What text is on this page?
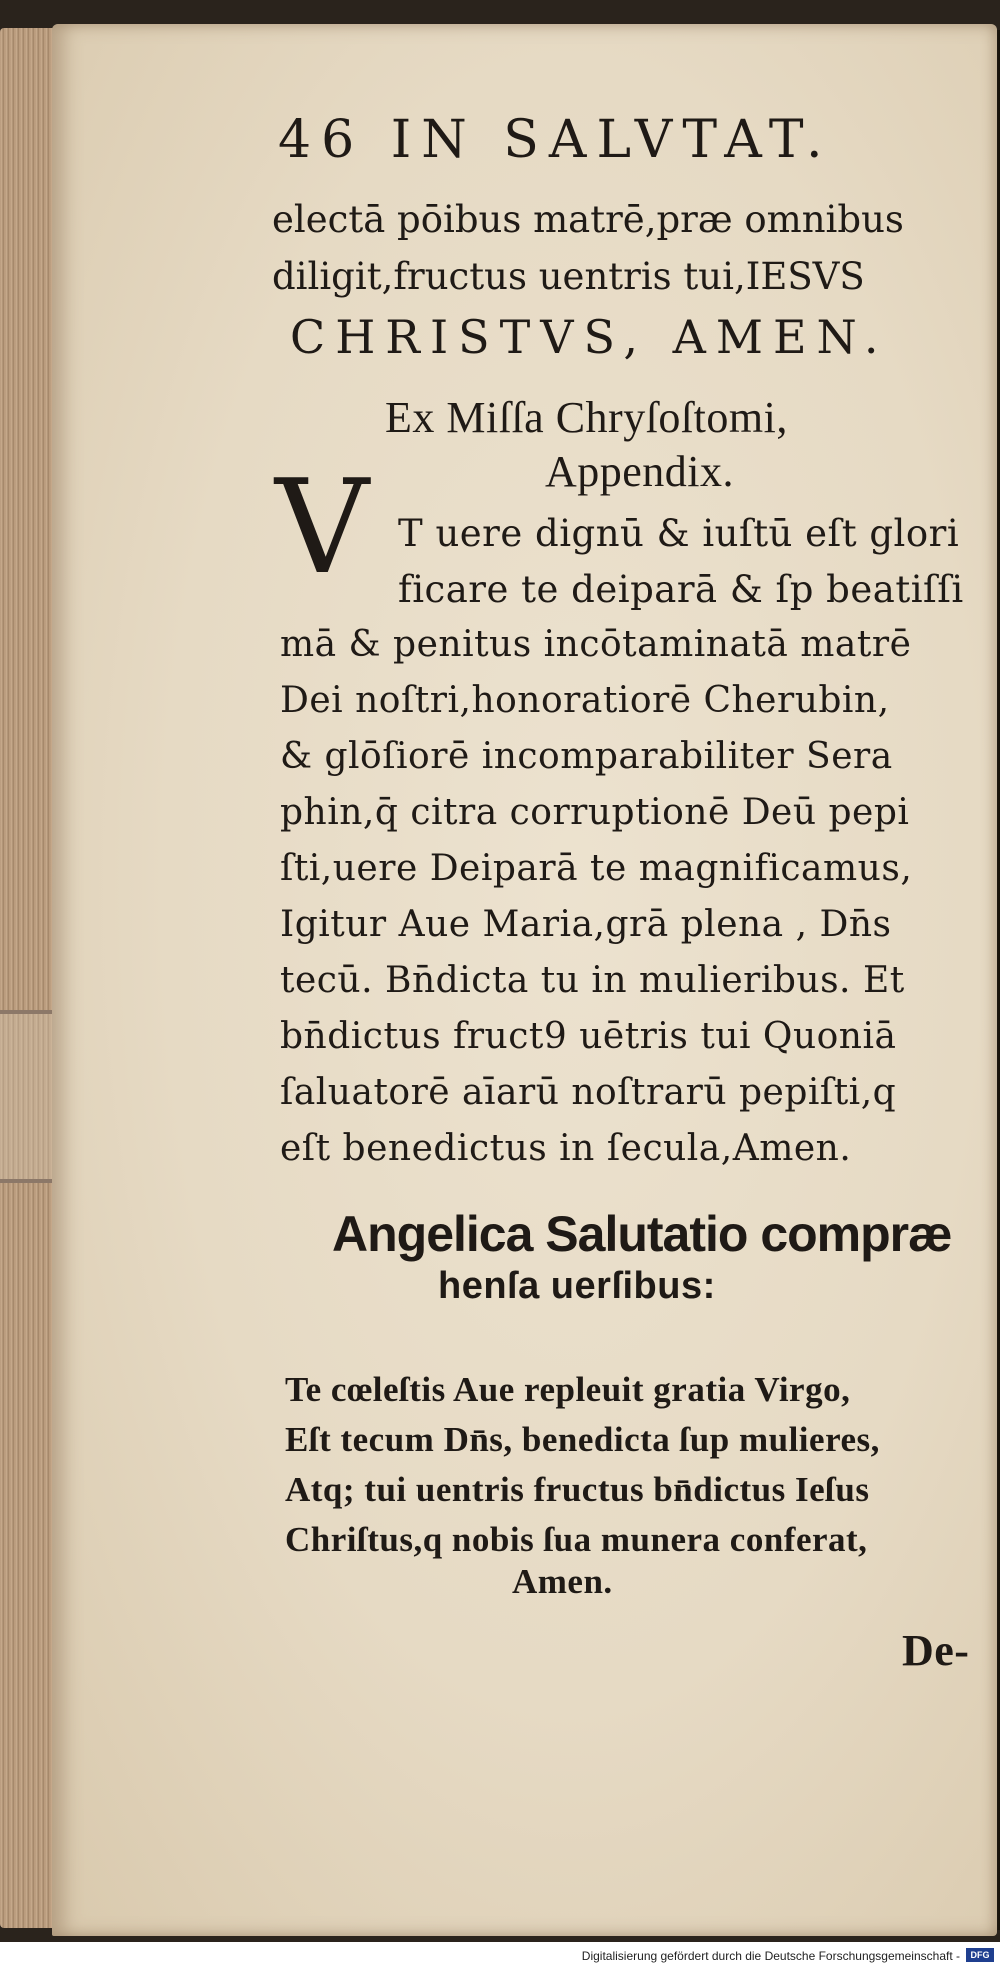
46 IN SALVTAT.
electā pōibus matrē,præ omnibus
diligit,fructus uentris tui,IESVS
CHRISTVS, AMEN.
Ex Miſſa Chryſoſtomi,
Appendix.
V T uere dignū & iuſtū eſt glori
ficare te deiparā & ſp beatiſſi
mā & penitus incōtaminatā matrē
Dei noſtri,honoratiorē Cherubin,
& glōſiorē incomparabiliter Sera
phin,q̄ citra corruptionē Deū pepi
ſti,uere Deiparā te magnificamus,
Igitur Aue Maria,grā plena , Dn̄s
tecū. Bn̄dicta tu in mulieribus. Et
bn̄dictus fruct9 uētris tui Quoniā
ſaluatorē aīarū noſtrarū pepiſti,q
eſt benedictus in ſecula,Amen.
Angelica Salutatio compræ
henſa uerſibus:
Te cœleſtis Aue repleuit gratia Virgo,
Eſt tecum Dn̄s, benedicta ſup mulieres,
Atq; tui uentris fructus bn̄dictus Ieſus
Chriſtus,q nobis ſua munera conferat,
Amen.
De-
Digitalisierung gefördert durch die Deutsche Forschungsgemeinschaft -	DFG
